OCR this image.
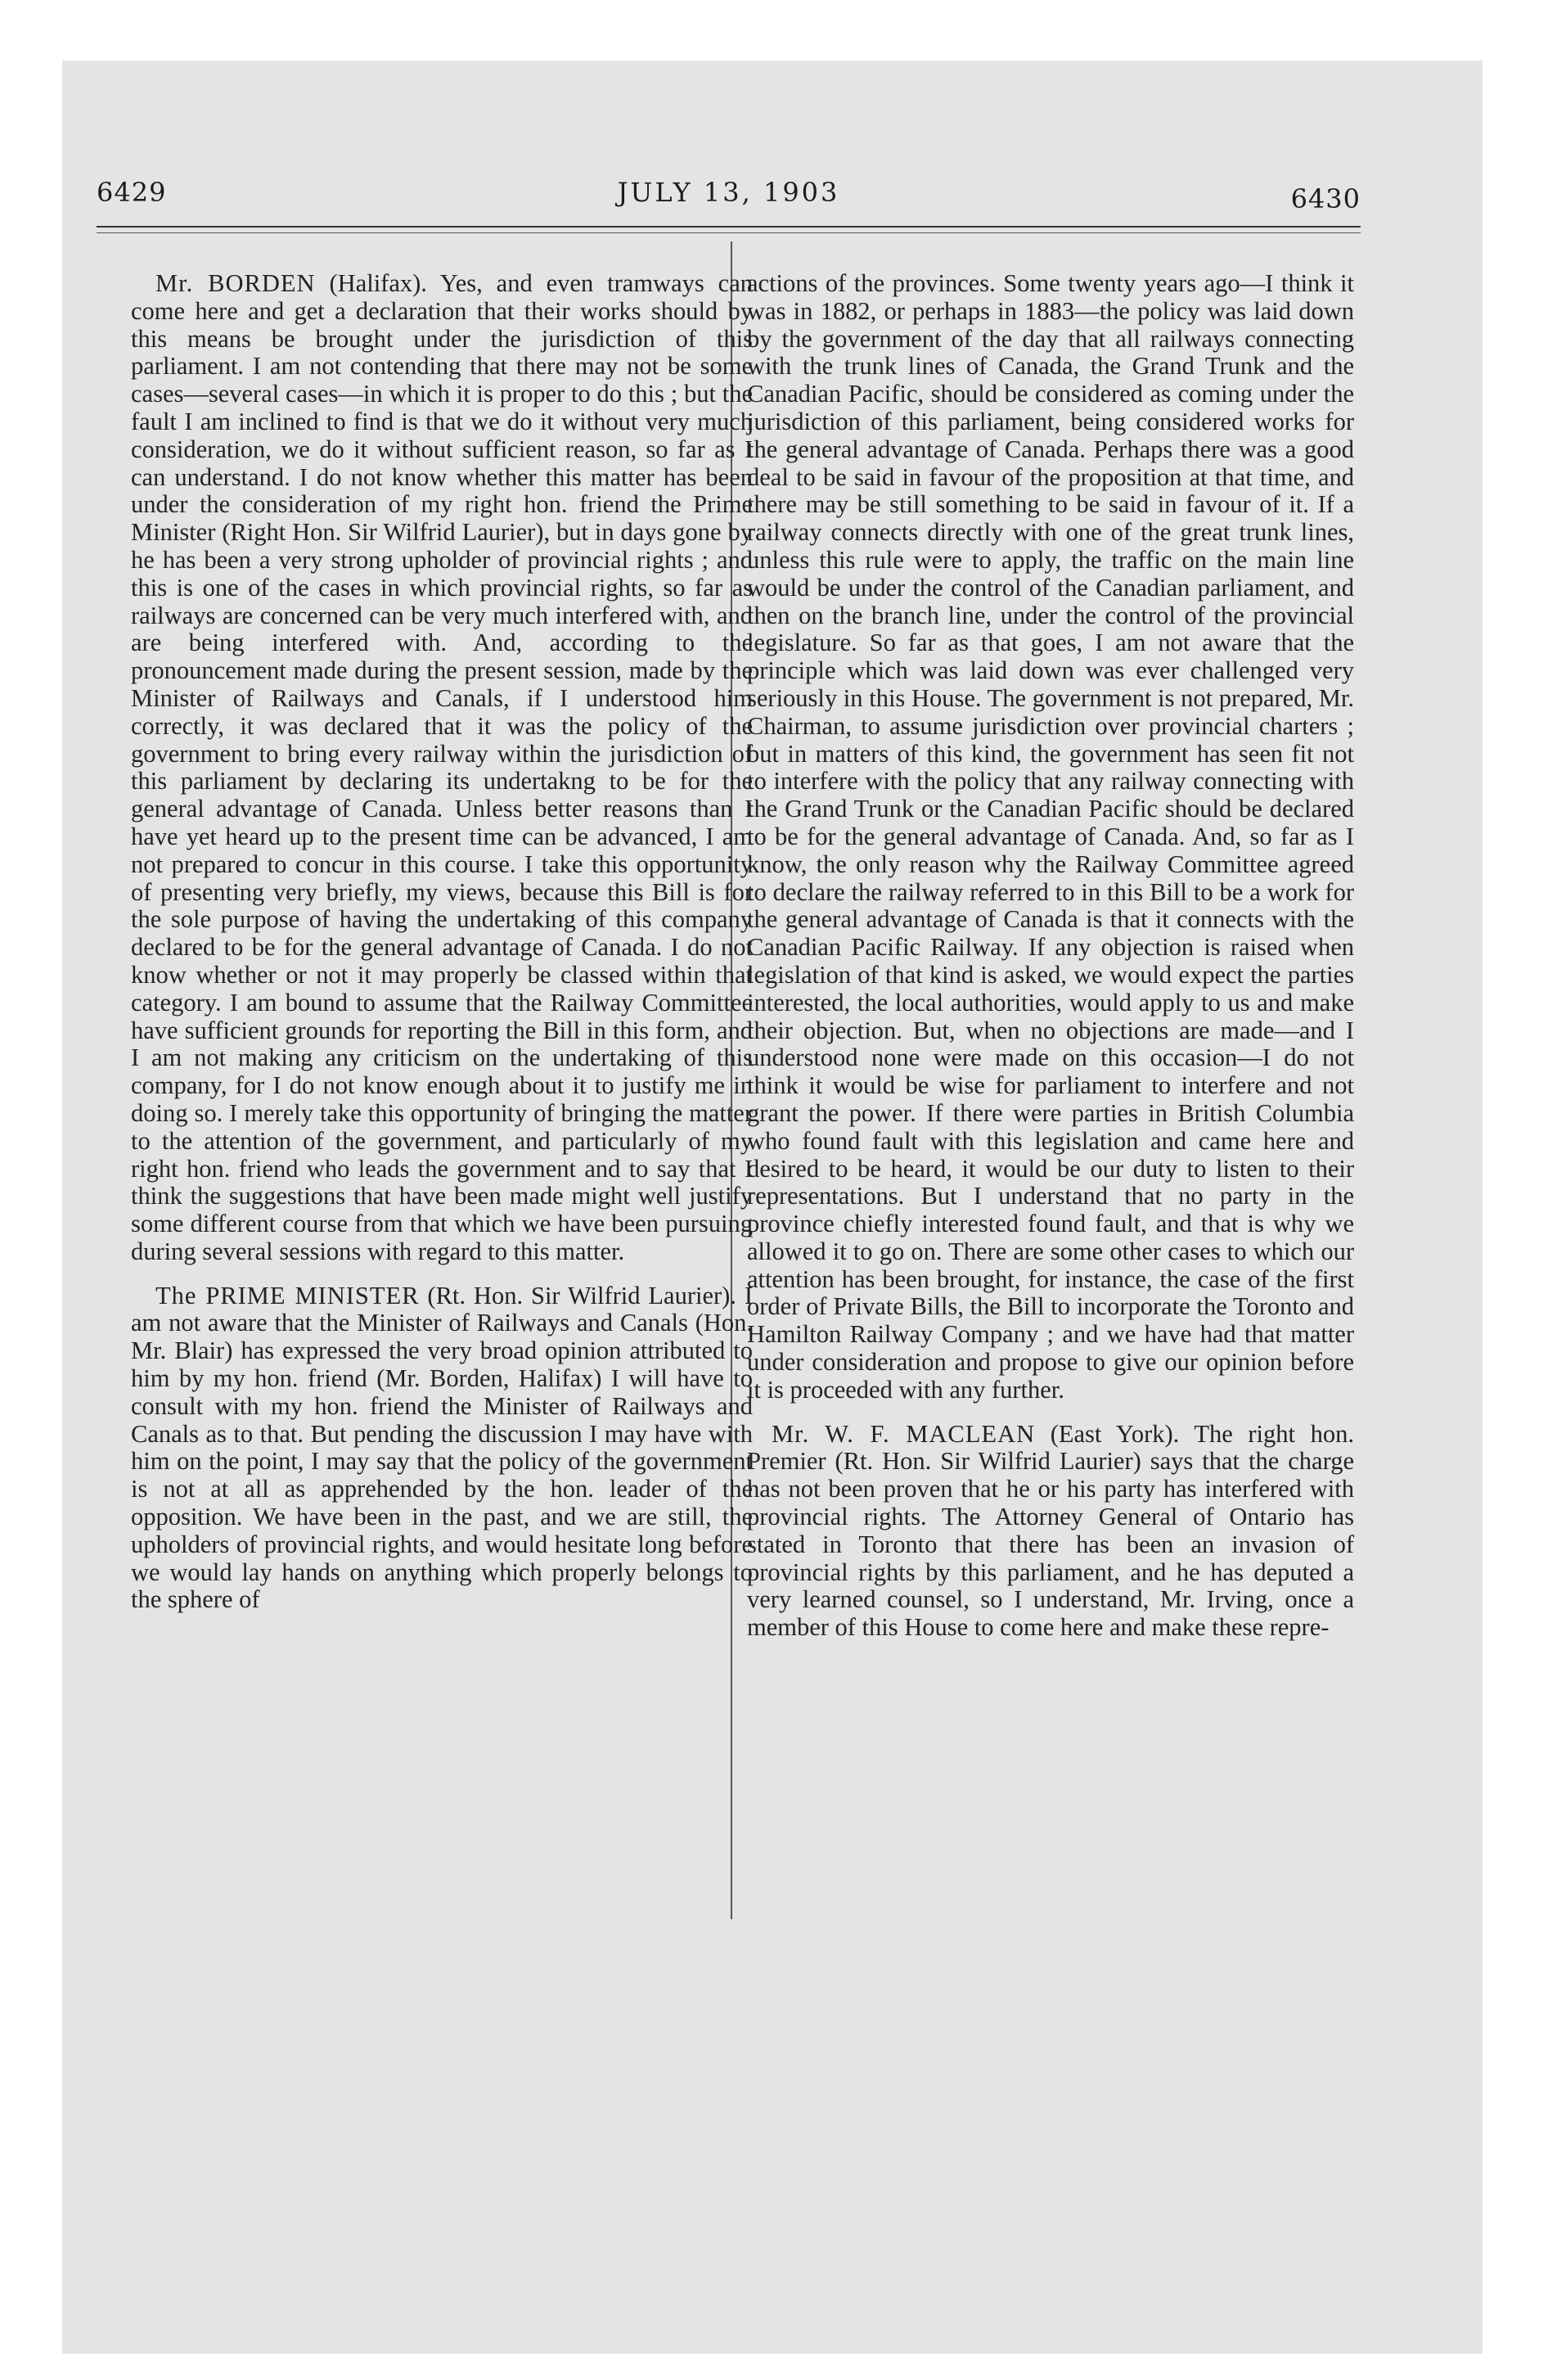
6429	JULY 13, 1903	6430

Mr. BORDEN (Halifax). Yes, and even tramways can come here and get a declaration that their works should by this means be brought under the jurisdiction of this parliament. I am not contending that there may not be some cases—several cases—in which it is proper to do this ; but the fault I am inclined to find is that we do it without very much consideration, we do it without sufficient reason, so far as I can understand. I do not know whether this matter has been under the consideration of my right hon. friend the Prime Minister (Right Hon. Sir Wilfrid Laurier), but in days gone by he has been a very strong upholder of provincial rights ; and this is one of the cases in which provincial rights, so far as railways are concerned can be very much interfered with, and are being interfered with. And, according to the pronouncement made during the present session, made by the Minister of Railways and Canals, if I understood him correctly, it was declared that it was the policy of the government to bring every railway within the jurisdiction of this parliament by declaring its undertakng to be for the general advantage of Canada. Unless better reasons than I have yet heard up to the present time can be advanced, I am not prepared to concur in this course. I take this opportunity of presenting very briefly, my views, because this Bill is for the sole purpose of having the undertaking of this company declared to be for the general advantage of Canada. I do not know whether or not it may properly be classed within that category. I am bound to assume that the Railway Committee have sufficient grounds for reporting the Bill in this form, and I am not making any criticism on the undertaking of this company, for I do not know enough about it to justify me in doing so. I merely take this opportunity of bringing the matter to the attention of the government, and particularly of my right hon. friend who leads the government and to say that I think the suggestions that have been made might well justify some different course from that which we have been pursuing during several sessions with regard to this matter.

The PRIME MINISTER (Rt. Hon. Sir Wilfrid Laurier). I am not aware that the Minister of Railways and Canals (Hon. Mr. Blair) has expressed the very broad opinion attributed to him by my hon. friend (Mr. Borden, Halifax) I will have to consult with my hon. friend the Minister of Railways and Canals as to that. But pending the discussion I may have with him on the point, I may say that the policy of the government is not at all as apprehended by the hon. leader of the opposition. We have been in the past, and we are still, the upholders of provincial rights, and would hesitate long before we would lay hands on anything which properly belongs to the sphere of

actions of the provinces. Some twenty years ago—I think it was in 1882, or perhaps in 1883—the policy was laid down by the government of the day that all railways connecting with the trunk lines of Canada, the Grand Trunk and the Canadian Pacific, should be considered as coming under the jurisdiction of this parliament, being considered works for the general advantage of Canada. Perhaps there was a good deal to be said in favour of the proposition at that time, and there may be still something to be said in favour of it. If a railway connects directly with one of the great trunk lines, unless this rule were to apply, the traffic on the main line would be under the control of the Canadian parliament, and then on the branch line, under the control of the provincial legislature. So far as that goes, I am not aware that the principle which was laid down was ever challenged very seriously in this House. The government is not prepared, Mr. Chairman, to assume jurisdiction over provincial charters ; but in matters of this kind, the government has seen fit not to interfere with the policy that any railway connecting with the Grand Trunk or the Canadian Pacific should be declared to be for the general advantage of Canada. And, so far as I know, the only reason why the Railway Committee agreed to declare the railway referred to in this Bill to be a work for the general advantage of Canada is that it connects with the Canadian Pacific Railway. If any objection is raised when legislation of that kind is asked, we would expect the parties interested, the local authorities, would apply to us and make their objection. But, when no objections are made—and I understood none were made on this occasion—I do not think it would be wise for parliament to interfere and not grant the power. If there were parties in British Columbia who found fault with this legislation and came here and desired to be heard, it would be our duty to listen to their representations. But I understand that no party in the province chiefly interested found fault, and that is why we allowed it to go on. There are some other cases to which our attention has been brought, for instance, the case of the first order of Private Bills, the Bill to incorporate the Toronto and Hamilton Railway Company ; and we have had that matter under consideration and propose to give our opinion before it is proceeded with any further.

Mr. W. F. MACLEAN (East York). The right hon. Premier (Rt. Hon. Sir Wilfrid Laurier) says that the charge has not been proven that he or his party has interfered with provincial rights. The Attorney General of Ontario has stated in Toronto that there has been an invasion of provincial rights by this parliament, and he has deputed a very learned counsel, so I understand, Mr. Irving, once a member of this House to come here and make these repre-
